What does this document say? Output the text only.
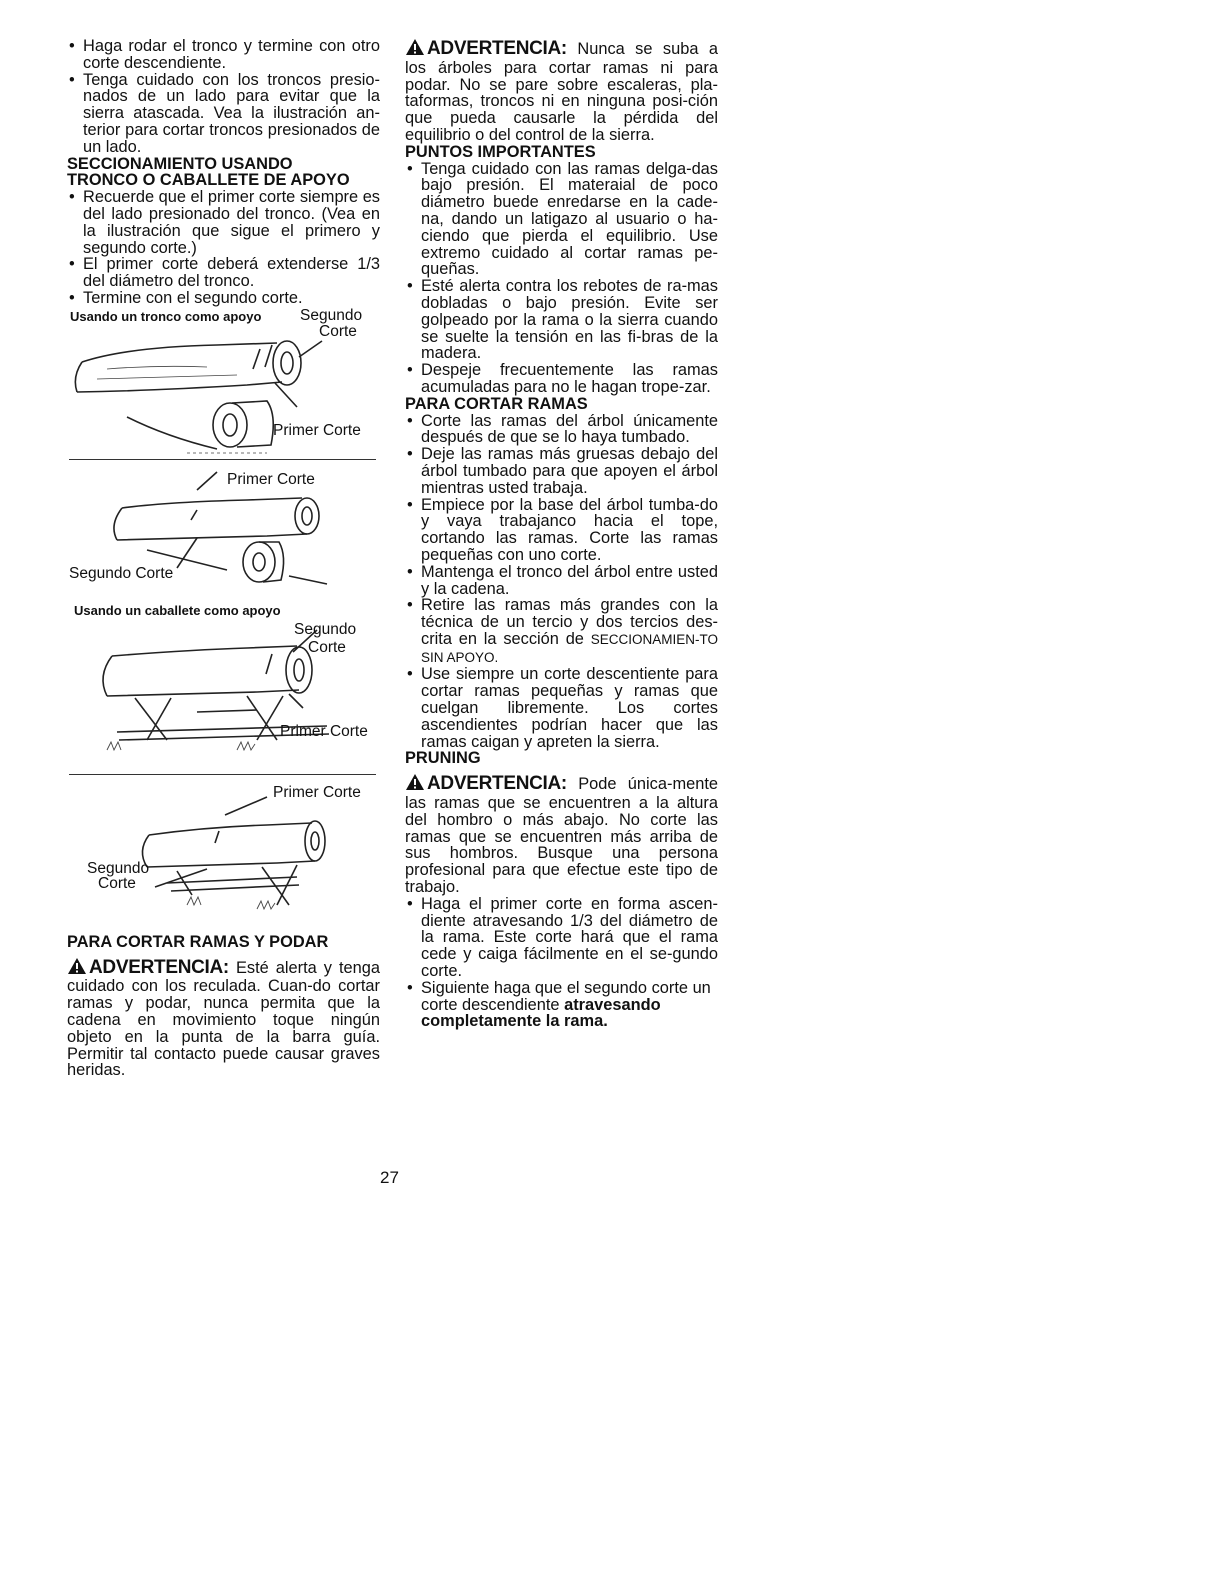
• Haga rodar el tronco y termine con otro corte descendiente.
• Tenga cuidado con los troncos presio-nados de un lado para evitar que la sierra atascada. Vea la ilustración an-terior para cortar troncos presionados de un lado.
SECCIONAMIENTO USANDO TRONCO O CABALLETE DE APOYO
• Recuerde que el primer corte siempre es del lado presionado del tronco. (Vea en la ilustración que sigue el primero y segundo corte.)
• El primer corte deberá extenderse 1/3 del diámetro del tronco.
• Termine con el segundo corte.
Usando un tronco como apoyo Segundo
Corte
Primer Corte
Primer Corte
Segundo Corte
Usando un caballete como apoyo
Segundo
Corte
Primer Corte
Primer Corte
Segundo
Corte
PARA CORTAR RAMAS Y PODAR
ADVERTENCIA: Esté alerta y tenga cuidado con los reculada. Cuan-do cortar ramas y podar, nunca permita que la cadena en movimiento toque ningún objeto en la punta de la barra guía. Permitir tal contacto puede causar graves heridas.
ADVERTENCIA: Nunca se suba a los árboles para cortar ramas ni para podar. No se pare sobre escaleras, pla-taformas, troncos ni en ninguna posi-ción que pueda causarle la pérdida del equilibrio o del control de la sierra.
PUNTOS IMPORTANTES
• Tenga cuidado con las ramas delga-das bajo presión. El materaial de poco diámetro buede enredarse en la cade-na, dando un latigazo al usuario o ha-ciendo que pierda el equilibrio. Use extremo cuidado al cortar ramas pe-queñas.
• Esté alerta contra los rebotes de ra-mas dobladas o bajo presión. Evite ser golpeado por la rama o la sierra cuando se suelte la tensión en las fi-bras de la madera.
• Despeje frecuentemente las ramas acumuladas para no le hagan trope-zar.
PARA CORTAR RAMAS
• Corte las ramas del árbol únicamente después de que se lo haya tumbado.
• Deje las ramas más gruesas debajo del árbol tumbado para que apoyen el árbol mientras usted trabaja.
• Empiece por la base del árbol tumba-do y vaya trabajanco hacia el tope, cortando las ramas. Corte las ramas pequeñas con uno corte.
• Mantenga el tronco del árbol entre usted y la cadena.
• Retire las ramas más grandes con la técnica de un tercio y dos tercios des-crita en la sección de SECCIONAMIEN-TO SIN APOYO.
• Use siempre un corte descentiente para cortar ramas pequeñas y ramas que cuelgan libremente. Los cortes ascendientes podrían hacer que las ramas caigan y apreten la sierra.
PRUNING
ADVERTENCIA: Pode única-mente las ramas que se encuentren a la altura del hombro o más abajo. No corte las ramas que se encuentren más arriba de sus hombros. Busque una persona profesional para que efectue este tipo de trabajo.
• Haga el primer corte en forma ascen-diente atravesando 1/3 del diámetro de la rama. Este corte hará que el rama cede y caiga fácilmente en el se-gundo corte.
• Siguiente haga que el segundo corte un corte descendiente atravesando completamente la rama.
27
